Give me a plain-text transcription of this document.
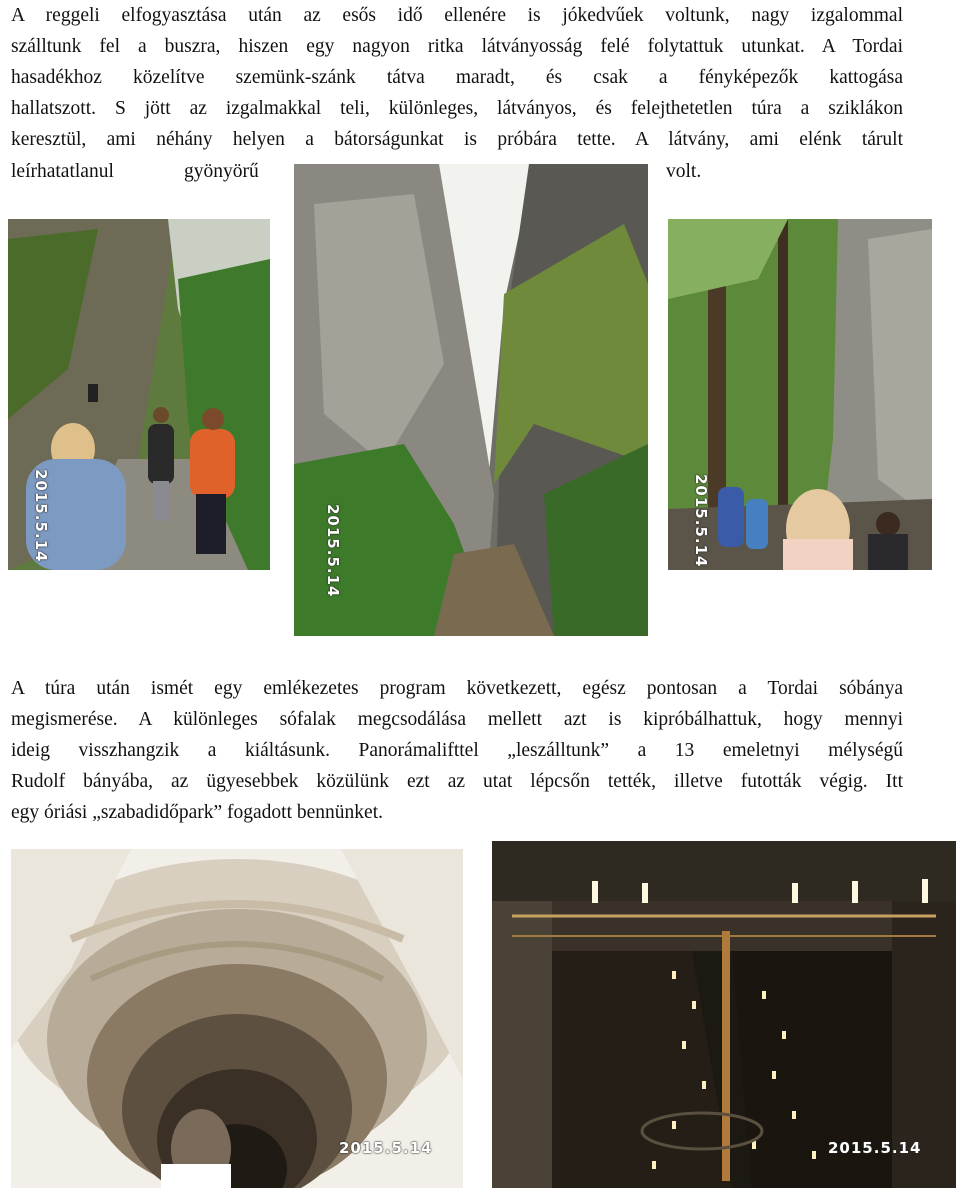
A reggeli elfogyasztása után az esős idő ellenére is jókedvűek voltunk, nagy izgalommal
szálltunk fel a buszra, hiszen egy nagyon ritka látványosság felé folytattuk utunkat. A Tordai
hasadékhoz közelítve szemünk-szánk tátva maradt, és csak a fényképezők kattogása
hallatszott. S jött az izgalmakkal teli, különleges, látványos, és felejthetetlen túra a sziklákon
keresztül, ami néhány helyen a bátorságunkat is próbára tette. A látvány, ami elénk tárult
leírhatatlanul	gyönyörű	volt.
2015.5.14	2015.5.14	2015.5.14
A túra után ismét egy emlékezetes program következett, egész pontosan a Tordai sóbánya
megismerése. A különleges sófalak megcsodálása mellett azt is kipróbálhattuk, hogy mennyi
ideig visszhangzik a kiáltásunk. Panorámalifttel „leszálltunk” a 13 emeletnyi mélységű
Rudolf bányába, az ügyesebbek közülünk ezt az utat lépcsőn tették, illetve futották végig. Itt
egy óriási „szabadidőpark” fogadott bennünket.
2015.5.14	2015.5.14
